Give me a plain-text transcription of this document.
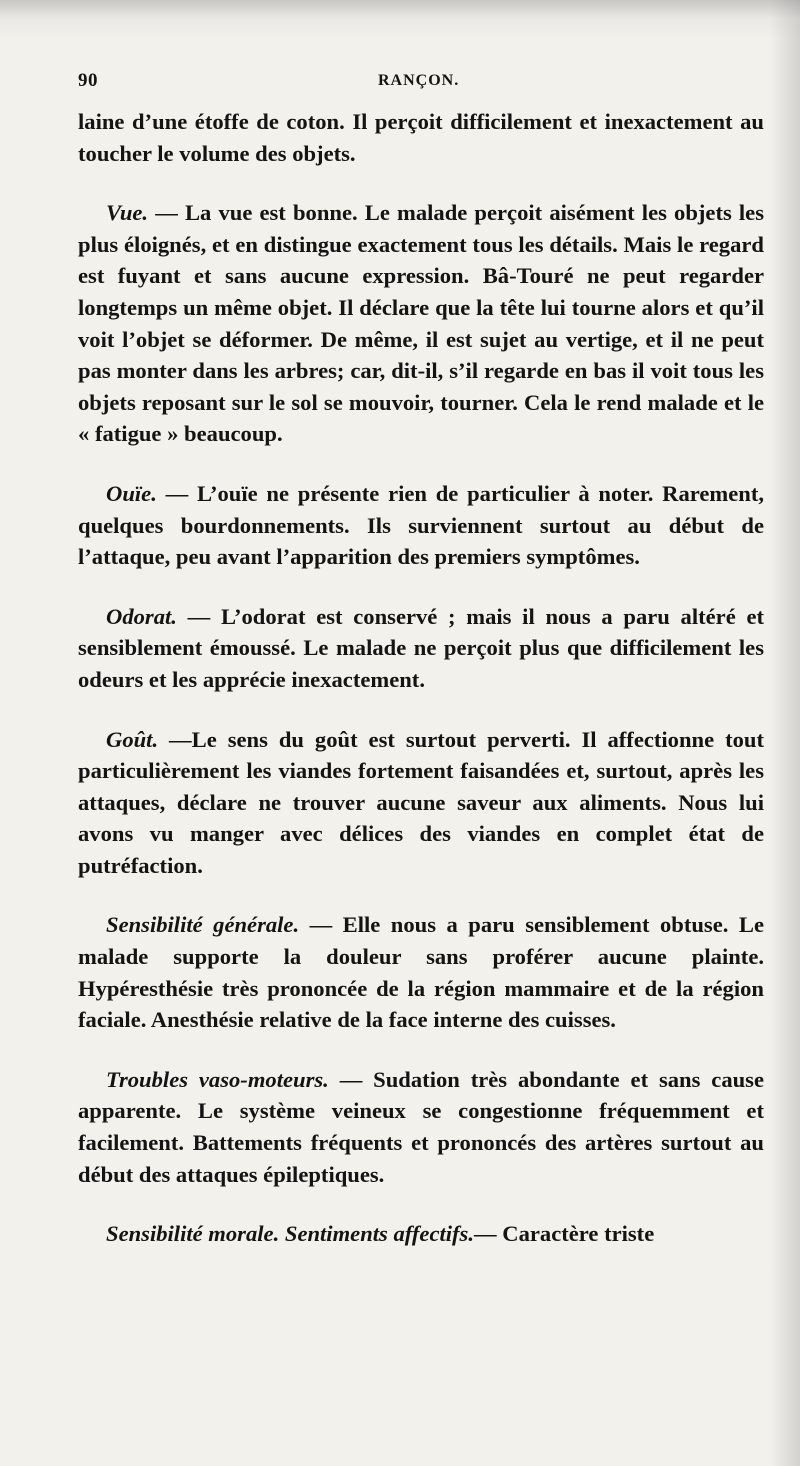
90	RANÇON.

laine d’une étoffe de coton. Il perçoit difficilement et inexactement au toucher le volume des objets.

Vue. — La vue est bonne. Le malade perçoit aisément les objets les plus éloignés, et en distingue exactement tous les détails. Mais le regard est fuyant et sans aucune expression. Bâ-Touré ne peut regarder longtemps un même objet. Il déclare que la tête lui tourne alors et qu’il voit l’objet se déformer. De même, il est sujet au vertige, et il ne peut pas monter dans les arbres; car, dit-il, s’il regarde en bas il voit tous les objets reposant sur le sol se mouvoir, tourner. Cela le rend malade et le « fatigue » beaucoup.

Ouïe. — L’ouïe ne présente rien de particulier à noter. Rarement, quelques bourdonnements. Ils surviennent surtout au début de l’attaque, peu avant l’apparition des premiers symptômes.

Odorat. — L’odorat est conservé ; mais il nous a paru altéré et sensiblement émoussé. Le malade ne perçoit plus que difficilement les odeurs et les apprécie inexactement.

Goût. —Le sens du goût est surtout perverti. Il affectionne tout particulièrement les viandes fortement faisandées et, surtout, après les attaques, déclare ne trouver aucune saveur aux aliments. Nous lui avons vu manger avec délices des viandes en complet état de putréfaction.

Sensibilité générale. — Elle nous a paru sensiblement obtuse. Le malade supporte la douleur sans proférer aucune plainte. Hypéresthésie très prononcée de la région mammaire et de la région faciale. Anesthésie relative de la face interne des cuisses.

Troubles vaso-moteurs. — Sudation très abondante et sans cause apparente. Le système veineux se congestionne fréquemment et facilement. Battements fréquents et prononcés des artères surtout au début des attaques épileptiques.

Sensibilité morale. Sentiments affectifs.— Caractère triste
